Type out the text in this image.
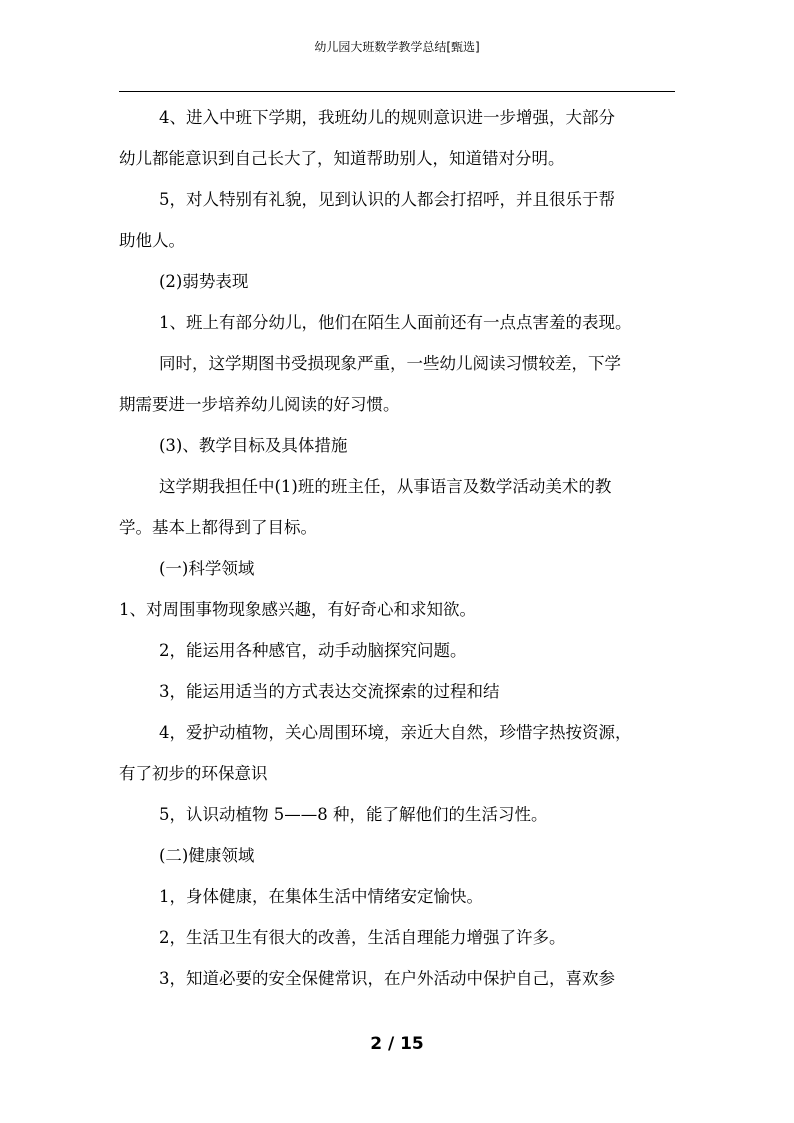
幼儿园大班数学教学总结[甄选]
4、进入中班下学期，我班幼儿的规则意识进一步增强，大部分
幼儿都能意识到自己长大了，知道帮助别人，知道错对分明。
5，对人特别有礼貌，见到认识的人都会打招呼，并且很乐于帮
助他人。
(2)弱势表现
1、班上有部分幼儿，他们在陌生人面前还有一点点害羞的表现。
同时，这学期图书受损现象严重，一些幼儿阅读习惯较差，下学
期需要进一步培养幼儿阅读的好习惯。
(3)、教学目标及具体措施
这学期我担任中(1)班的班主任，从事语言及数学活动美术的教
学。基本上都得到了目标。
(一)科学领域
1、对周围事物现象感兴趣，有好奇心和求知欲。
2，能运用各种感官，动手动脑探究问题。
3，能运用适当的方式表达交流探索的过程和结
4，爱护动植物，关心周围环境，亲近大自然，珍惜字热按资源，
有了初步的环保意识
5，认识动植物 5——8 种，能了解他们的生活习性。
(二)健康领域
1，身体健康，在集体生活中情绪安定愉快。
2，生活卫生有很大的改善，生活自理能力增强了许多。
3，知道必要的安全保健常识，在户外活动中保护自己，喜欢参
2 / 15
